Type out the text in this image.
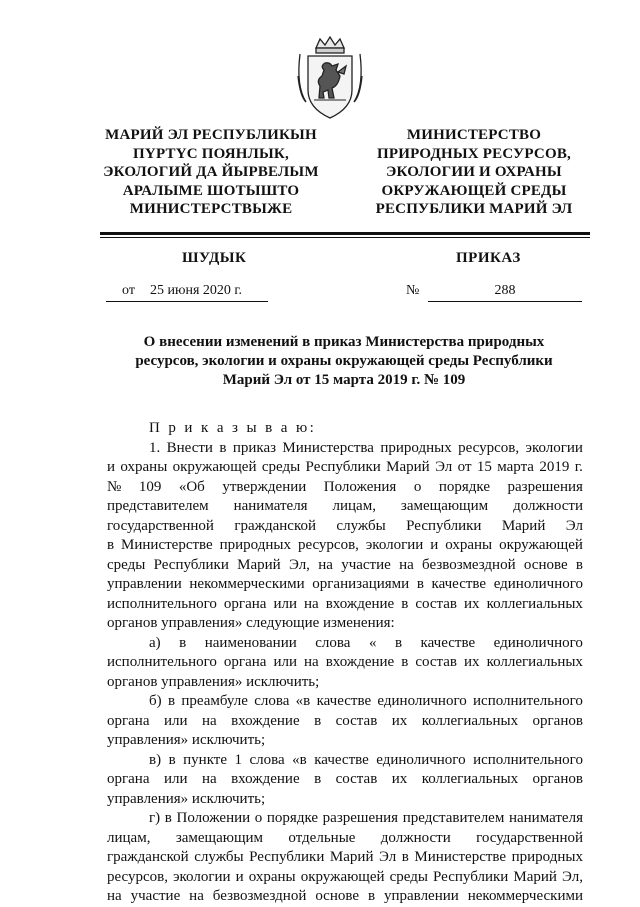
МАРИЙ ЭЛ РЕСПУБЛИКЫН
ПҮРТҮС ПОЯНЛЫК,
ЭКОЛОГИЙ ДА ЙЫРВЕЛЫМ
АРАЛЫМЕ ШОТЫШТО
МИНИСТЕРСТВЫЖЕ
МИНИСТЕРСТВО
ПРИРОДНЫХ РЕСУРСОВ,
ЭКОЛОГИИ И ОХРАНЫ
ОКРУЖАЮЩЕЙ СРЕДЫ
РЕСПУБЛИКИ МАРИЙ ЭЛ
ШУДЫК	ПРИКАЗ
от 25 июня 2020 г.	№	288
О внесении изменений в приказ Министерства природных
ресурсов, экологии и охраны окружающей среды Республики
Марий Эл от 15 марта 2019 г. № 109
П р и к а з ы в а ю:
1. Внести в приказ Министерства природных ресурсов, экологии
и охраны окружающей среды Республики Марий Эл от 15 марта 2019 г.
№ 109 «Об утверждении Положения о порядке разрешения
представителем нанимателя лицам, замещающим должности
государственной гражданской службы Республики Марий Эл
в Министерстве природных ресурсов, экологии и охраны окружающей
среды Республики Марий Эл, на участие на безвозмездной основе в
управлении некоммерческими организациями в качестве единоличного
исполнительного органа или на вхождение в состав их коллегиальных
органов управления» следующие изменения:
а) в наименовании слова « в качестве единоличного
исполнительного органа или на вхождение в состав их коллегиальных
органов управления» исключить;
б) в преамбуле слова «в качестве единоличного исполнительного
органа или на вхождение в состав их коллегиальных органов
управления» исключить;
в) в пункте 1 слова «в качестве единоличного исполнительного
органа или на вхождение в состав их коллегиальных органов
управления» исключить;
г) в Положении о порядке разрешения представителем нанимателя
лицам, замещающим отдельные должности государственной
гражданской службы Республики Марий Эл в Министерстве природных
ресурсов, экологии и охраны окружающей среды Республики Марий Эл,
на участие на безвозмездной основе в управлении некоммерческими
